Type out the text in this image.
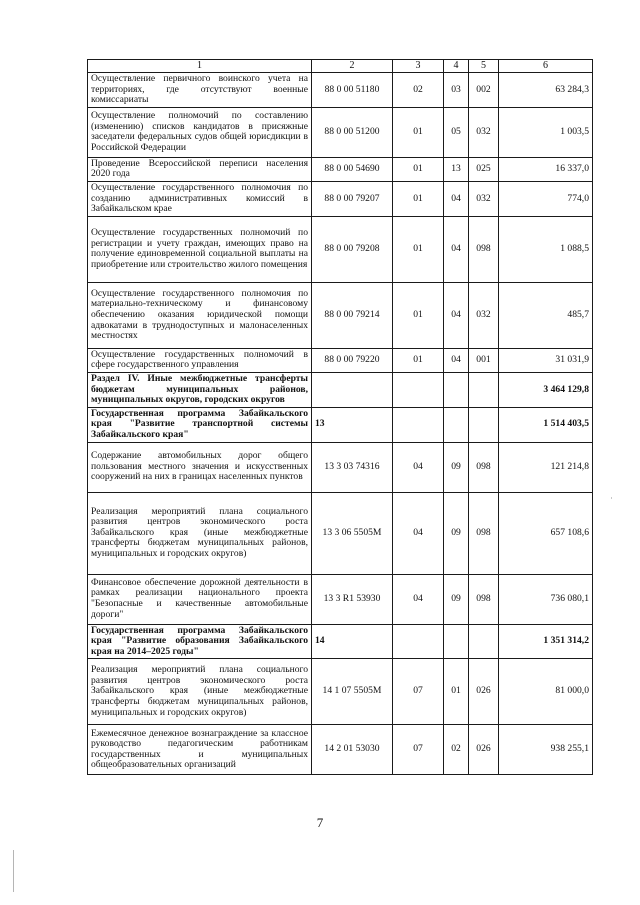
1	2	3	4	5	6
Осуществление первичного воинского учета на территориях, где отсутствуют военные комиссариаты	88 0 00 51180	02	03	002	63 284,3
Осуществление полномочий по составлению (изменению) списков кандидатов в присяжные заседатели федеральных судов общей юрисдикции в Российской Федерации	88 0 00 51200	01	05	032	1 003,5
Проведение Всероссийской переписи населения 2020 года	88 0 00 54690	01	13	025	16 337,0
Осуществление государственного полномочия по созданию административных комиссий в Забайкальском крае	88 0 00 79207	01	04	032	774,0
Осуществление государственных полномочий по регистрации и учету граждан, имеющих право на получение единовременной социальной выплаты на приобретение или строительство жилого помещения	88 0 00 79208	01	04	098	1 088,5
Осуществление государственного полномочия по материально-техническому и финансовому обеспечению оказания юридической помощи адвокатами в труднодоступных и малонаселенных местностях	88 0 00 79214	01	04	032	485,7
Осуществление государственных полномочий в сфере государственного управления	88 0 00 79220	01	04	001	31 031,9
Раздел IV. Иные межбюджетные трансферты бюджетам муниципальных районов, муниципальных округов, городских округов					3 464 129,8
Государственная программа Забайкальского края "Развитие транспортной системы Забайкальского края"	13				1 514 403,5
Содержание автомобильных дорог общего пользования местного значения и искусственных сооружений на них в границах населенных пунктов	13 3 03 74316	04	09	098	121 214,8
Реализация мероприятий плана социального развития центров экономического роста Забайкальского края (иные межбюджетные трансферты бюджетам муниципальных районов, муниципальных и городских округов)	13 3 06 5505М	04	09	098	657 108,6
Финансовое обеспечение дорожной деятельности в рамках реализации национального проекта "Безопасные и качественные автомобильные дороги"	13 3 R1 53930	04	09	098	736 080,1
Государственная программа Забайкальского края "Развитие образования Забайкальского края на 2014–2025 годы"	14				1 351 314,2
Реализация мероприятий плана социального развития центров экономического роста Забайкальского края (иные межбюджетные трансферты бюджетам муниципальных районов, муниципальных и городских округов)	14 1 07 5505М	07	01	026	81 000,0
Ежемесячное денежное вознаграждение за классное руководство педагогическим работникам государственных и муниципальных общеобразовательных организаций	14 2 01 53030	07	02	026	938 255,1
7
